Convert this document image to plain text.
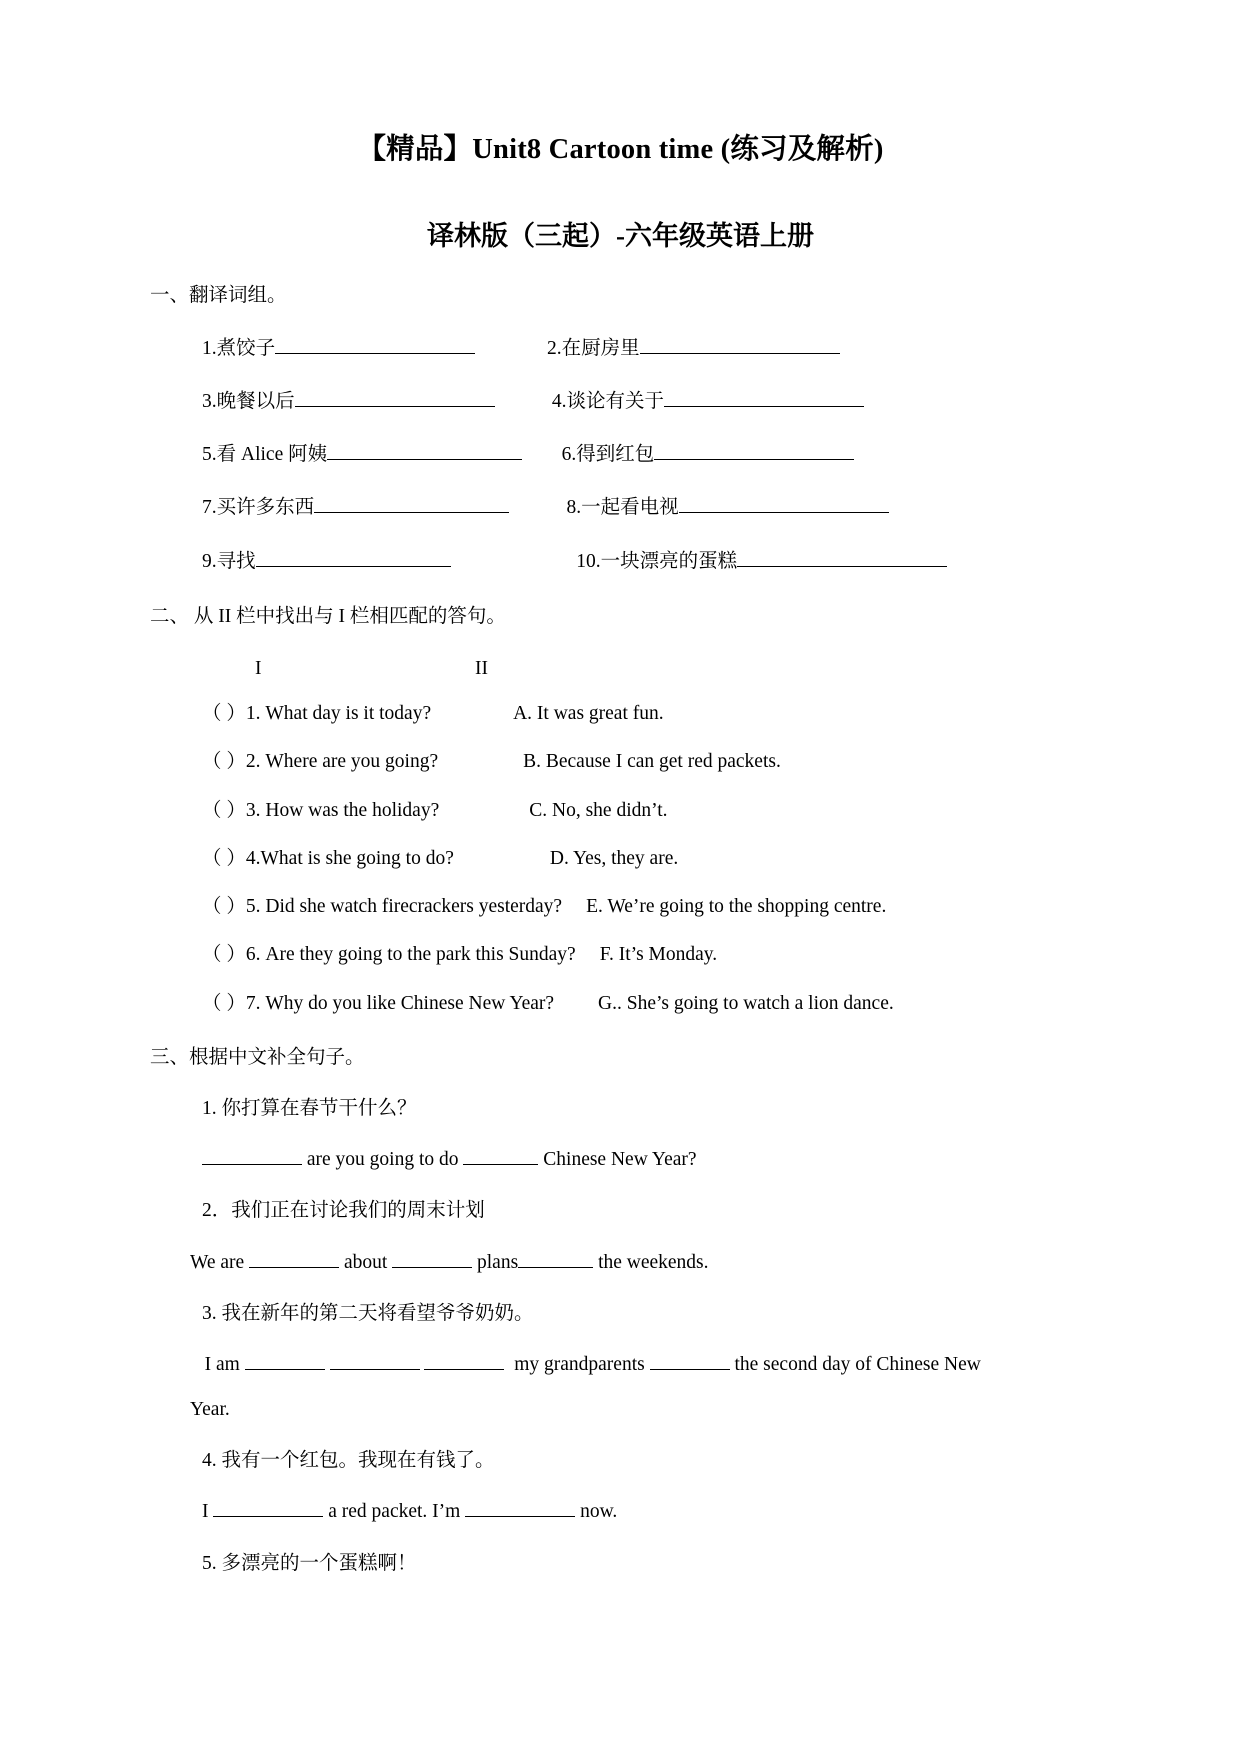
【精品】Unit8 Cartoon time (练习及解析)
译林版（三起）-六年级英语上册
一、翻译词组。
1.煮饺子	2.在厨房里
3.晚餐以后	4.谈论有关于
5.看 Alice 阿姨	6.得到红包
7.买许多东西	8.一起看电视
9.寻找	10.一块漂亮的蛋糕
二、 从 II 栏中找出与 I 栏相匹配的答句。
I	II
（ ）1. What day is it today?	A. It was great fun.
（ ）2. Where are you going?	B. Because I can get red packets.
（ ）3. How was the holiday?	C. No, she didn’t.
（ ）4.What is she going to do?	D. Yes, they are.
（ ）5. Did she watch firecrackers yesterday? E. We’re going to the shopping centre.
（ ）6. Are they going to the park this Sunday? F. It’s Monday.
（ ）7. Why do you like Chinese New Year? G.. She’s going to watch a lion dance.
三、根据中文补全句子。
1. 你打算在春节干什么？
are you going to do	Chinese New Year?
2．我们正在讨论我们的周末计划
We are	about	plans	the weekends.
3. 我在新年的第二天将看望爷爷奶奶。
I am	my grandparents	the second day of Chinese New
Year.
4. 我有一个红包。我现在有钱了。
I	a red packet. I’m	now.
5. 多漂亮的一个蛋糕啊！
